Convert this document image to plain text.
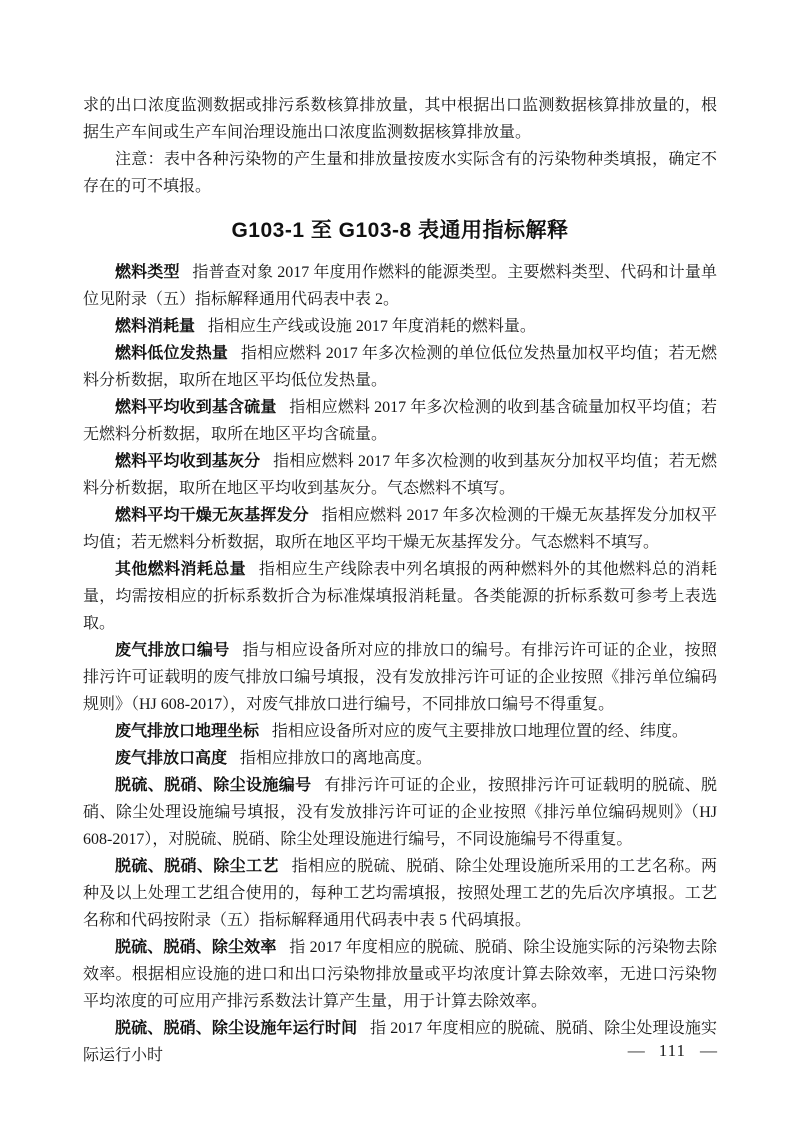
求的出口浓度监测数据或排污系数核算排放量，其中根据出口监测数据核算排放量的，根据生产车间或生产车间治理设施出口浓度监测数据核算排放量。

注意：表中各种污染物的产生量和排放量按废水实际含有的污染物种类填报，确定不存在的可不填报。

G103-1 至 G103-8 表通用指标解释

燃料类型 指普查对象 2017 年度用作燃料的能源类型。主要燃料类型、代码和计量单位见附录（五）指标解释通用代码表中表 2。

燃料消耗量 指相应生产线或设施 2017 年度消耗的燃料量。

燃料低位发热量 指相应燃料 2017 年多次检测的单位低位发热量加权平均值；若无燃料分析数据，取所在地区平均低位发热量。

燃料平均收到基含硫量 指相应燃料 2017 年多次检测的收到基含硫量加权平均值；若无燃料分析数据，取所在地区平均含硫量。

燃料平均收到基灰分 指相应燃料 2017 年多次检测的收到基灰分加权平均值；若无燃料分析数据，取所在地区平均收到基灰分。气态燃料不填写。

燃料平均干燥无灰基挥发分 指相应燃料 2017 年多次检测的干燥无灰基挥发分加权平均值；若无燃料分析数据，取所在地区平均干燥无灰基挥发分。气态燃料不填写。

其他燃料消耗总量 指相应生产线除表中列名填报的两种燃料外的其他燃料总的消耗量，均需按相应的折标系数折合为标准煤填报消耗量。各类能源的折标系数可参考上表选取。

废气排放口编号 指与相应设备所对应的排放口的编号。有排污许可证的企业，按照排污许可证载明的废气排放口编号填报，没有发放排污许可证的企业按照《排污单位编码规则》（HJ 608-2017），对废气排放口进行编号，不同排放口编号不得重复。

废气排放口地理坐标 指相应设备所对应的废气主要排放口地理位置的经、纬度。

废气排放口高度 指相应排放口的离地高度。

脱硫、脱硝、除尘设施编号 有排污许可证的企业，按照排污许可证载明的脱硫、脱硝、除尘处理设施编号填报，没有发放排污许可证的企业按照《排污单位编码规则》（HJ 608-2017），对脱硫、脱硝、除尘处理设施进行编号，不同设施编号不得重复。

脱硫、脱硝、除尘工艺 指相应的脱硫、脱硝、除尘处理设施所采用的工艺名称。两种及以上处理工艺组合使用的，每种工艺均需填报，按照处理工艺的先后次序填报。工艺名称和代码按附录（五）指标解释通用代码表中表 5 代码填报。

脱硫、脱硝、除尘效率 指 2017 年度相应的脱硫、脱硝、除尘设施实际的污染物去除效率。根据相应设施的进口和出口污染物排放量或平均浓度计算去除效率，无进口污染物平均浓度的可应用产排污系数法计算产生量，用于计算去除效率。

脱硫、脱硝、除尘设施年运行时间 指 2017 年度相应的脱硫、脱硝、除尘处理设施实际运行小时	— 111 —
